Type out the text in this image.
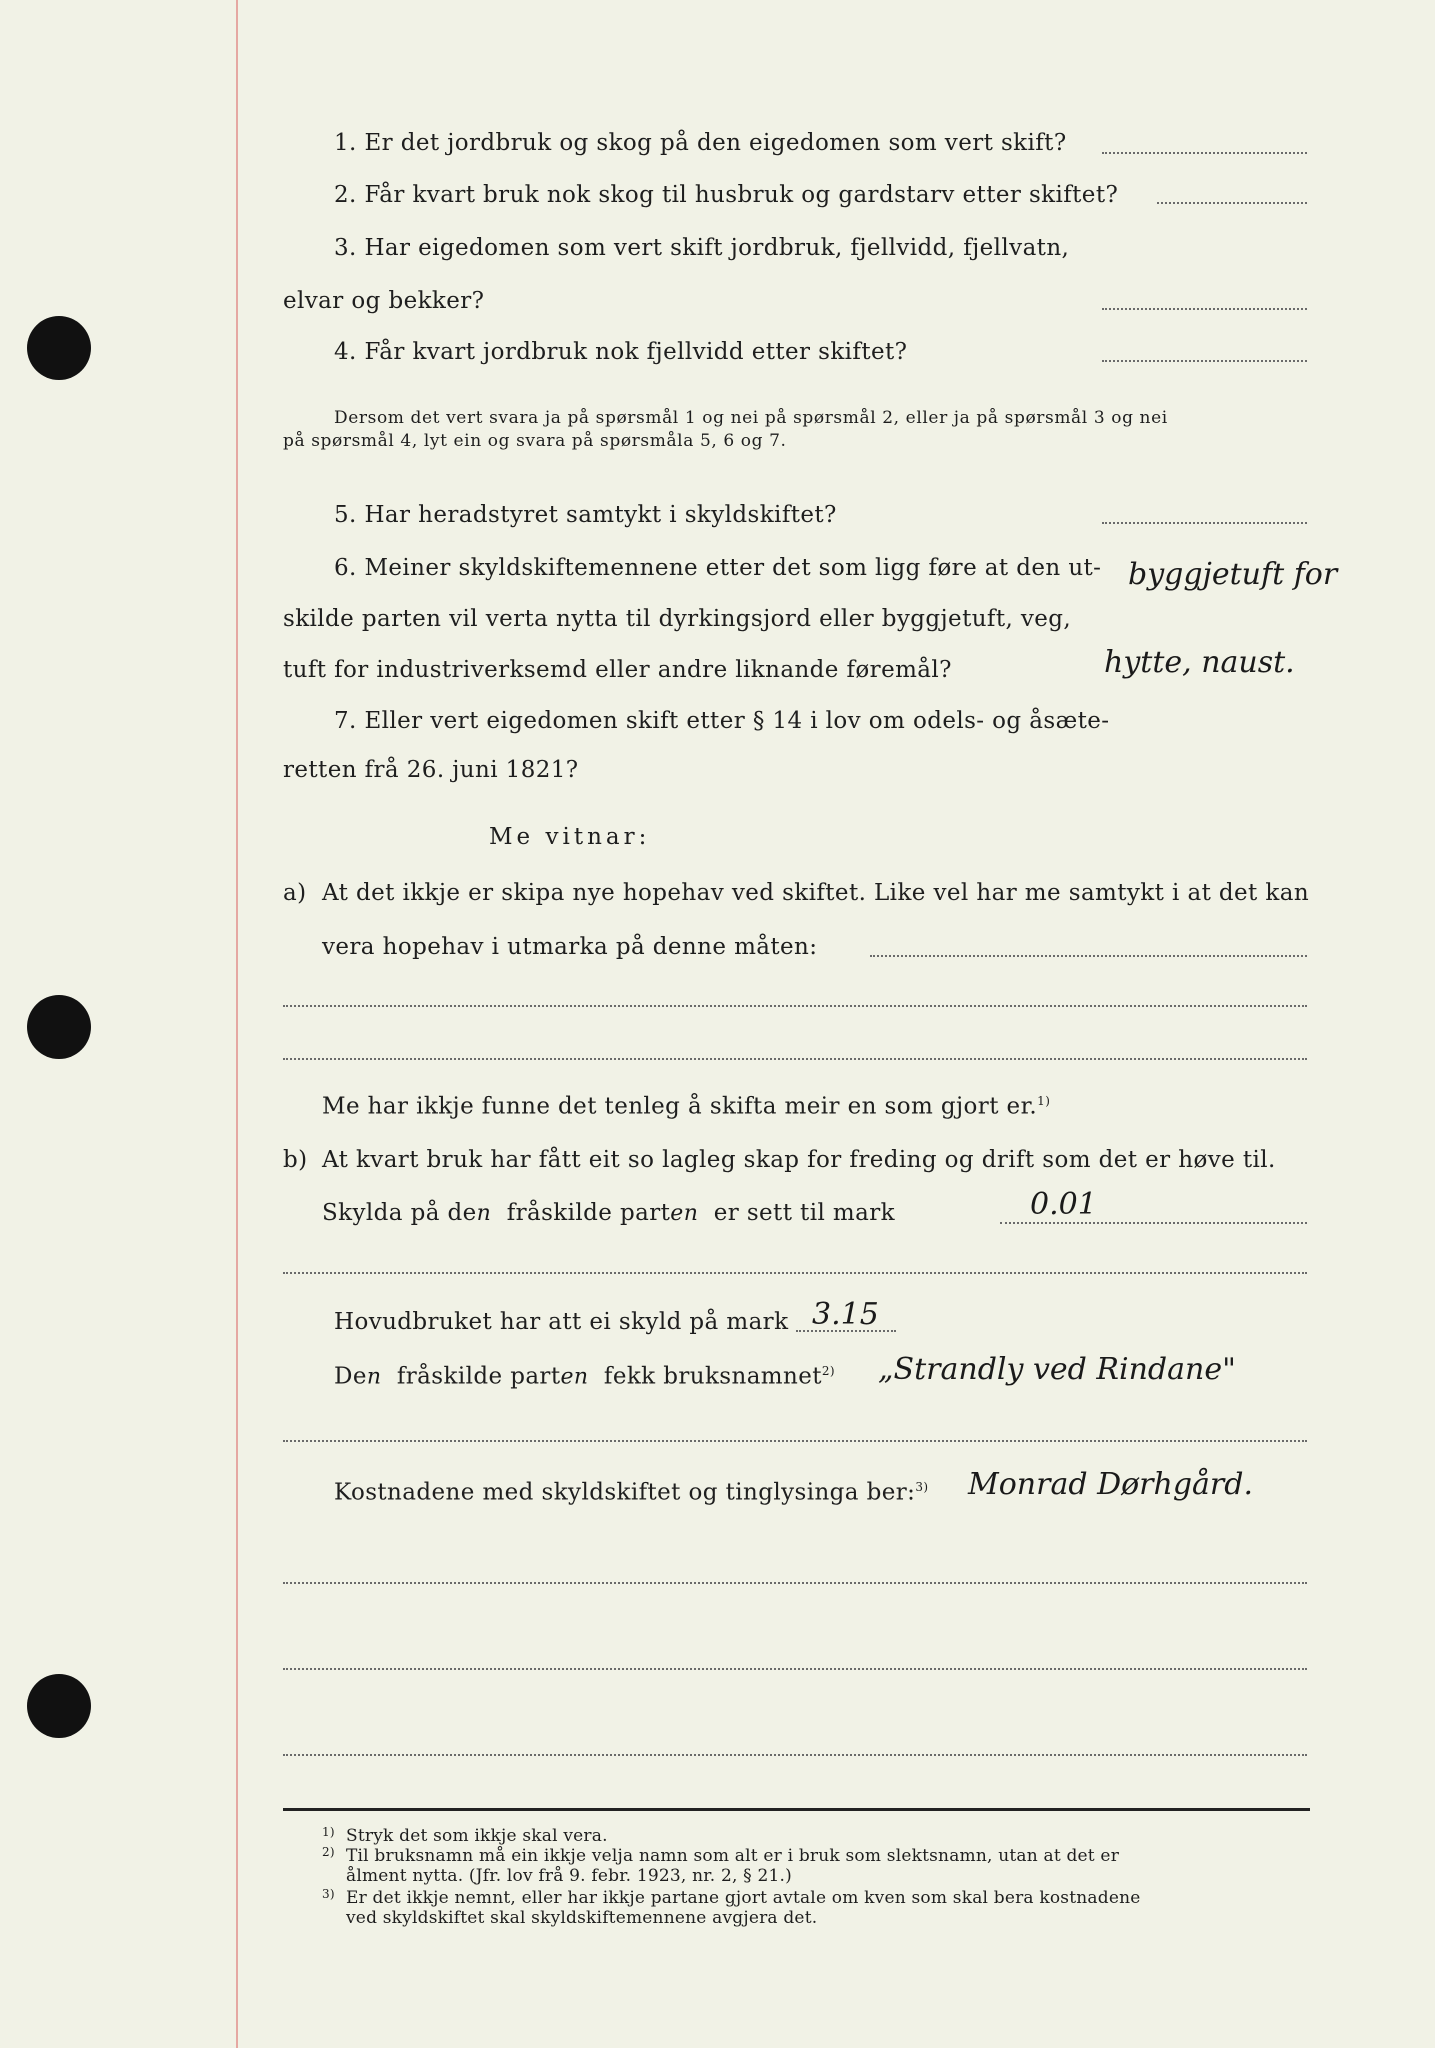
1. Er det jordbruk og skog på den eigedomen som vert skift?
2. Får kvart bruk nok skog til husbruk og gardstarv etter skiftet?
3. Har eigedomen som vert skift jordbruk, fjellvidd, fjellvatn,
elvar og bekker?
4. Får kvart jordbruk nok fjellvidd etter skiftet?
Dersom det vert svara ja på spørsmål 1 og nei på spørsmål 2, eller ja på spørsmål 3 og nei
på spørsmål 4, lyt ein og svara på spørsmåla 5, 6 og 7.
5. Har heradstyret samtykt i skyldskiftet?
6. Meiner skyldskiftemennene etter det som ligg føre at den ut-
skilde parten vil verta nytta til dyrkingsjord eller byggjetuft, veg,
tuft for industriverksemd eller andre liknande føremål?
byggjetuft for
hytte, naust.
7. Eller vert eigedomen skift etter § 14 i lov om odels- og åsæte-
retten frå 26. juni 1821?
Me vitnar:
a) At det ikkje er skipa nye hopehav ved skiftet. Like vel har me samtykt i at det kan
vera hopehav i utmarka på denne måten:
Me har ikkje funne det tenleg å skifta meir en som gjort er.$^{1)}$
b) At kvart bruk har fått eit so lagleg skap for freding og drift som det er høve til.
Skylda på den fråskilde parten er sett til mark	0.01
Hovudbruket har att ei skyld på mark 3.15
Den fråskilde parten fekk bruksnamnet$^{2)}$ „Strandly ved Rindane"
Kostnadene med skyldskiftet og tinglysinga ber:$^{3)}$ Monrad Dørhgård.
$^{1)}$ Stryk det som ikkje skal vera.
$^{2)}$ Til bruksnamn må ein ikkje velja namn som alt er i bruk som slektsnamn, utan at det er
ålment nytta. (Jfr. lov frå 9. febr. 1923, nr. 2, § 21.)
$^{3)}$ Er det ikkje nemnt, eller har ikkje partane gjort avtale om kven som skal bera kostnadene
ved skyldskiftet skal skyldskiftemennene avgjera det.
